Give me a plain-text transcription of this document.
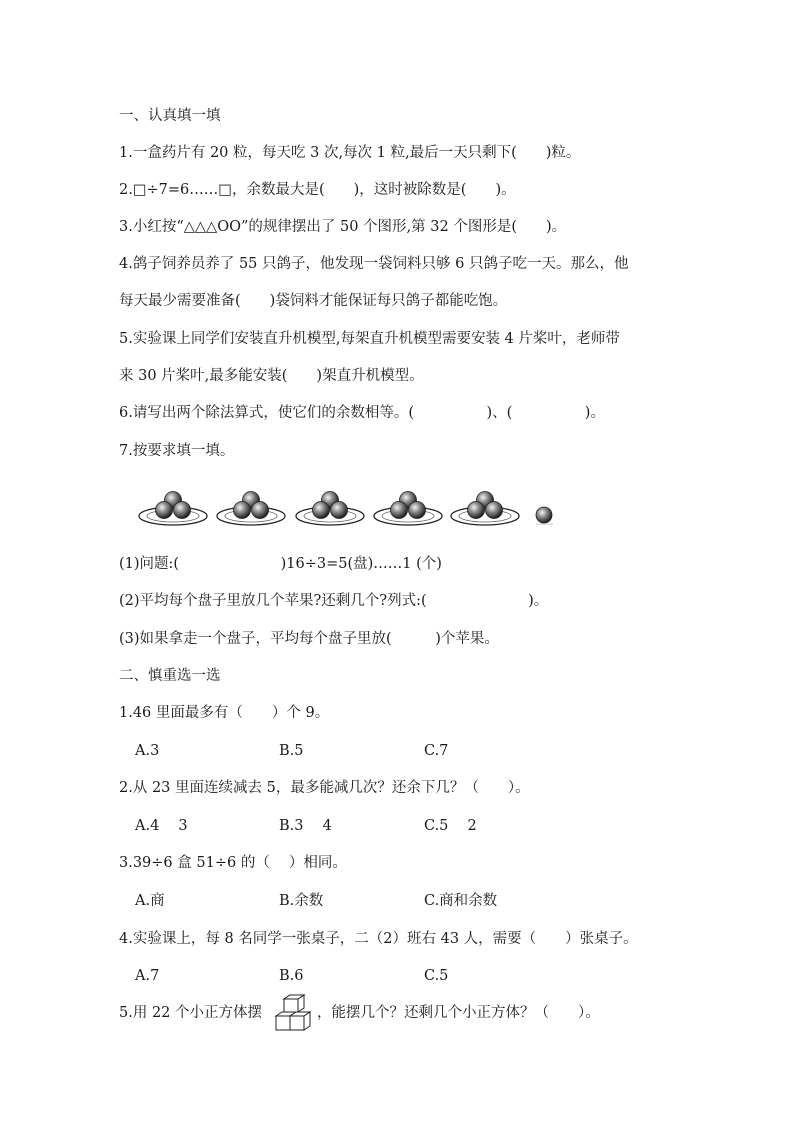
一、认真填一填
1.一盒药片有 20 粒，每天吃 3 次,每次 1 粒,最后一天只剩下(　　)粒。
2.□÷7=6……□，余数最大是(　　)，这时被除数是(　　)。
3.小红按“△△△OO”的规律摆出了 50 个图形,第 32 个图形是(　　)。
4.鸽子饲养员养了 55 只鸽子，他发现一袋饲料只够 6 只鸽子吃一天。那么，他
每天最少需要准备(　　)袋饲料才能保证每只鸽子都能吃饱。
5.实验课上同学们安装直升机模型,每架直升机模型需要安装 4 片桨叶，老师带
来 30 片桨叶,最多能安装(　　)架直升机模型。
6.请写出两个除法算式，使它们的余数相等。(　　　　　)、(　　　　　)。
7.按要求填一填。
(1)问题:(　　　　　　　)16÷3=5(盘)……1 (个)
(2)平均每个盘子里放几个苹果?还剩几个?列式:(　　　　　　　)。
(3)如果拿走一个盘子，平均每个盘子里放(　　　)个苹果。
二、慎重选一选
1.46 里面最多有（　　）个 9。
A.3	B.5	C.7
2.从 23 里面连续减去 5，最多能减几次？还余下几？（　　）。
A.4　 3	B.3　 4	C.5　 2
3.39÷6 盒 51÷6 的（　 ）相同。
A.商	B.余数	C.商和余数
4.实验课上，每 8 名同学一张桌子，二（2）班右 43 人，需要（　　）张桌子。
A.7	B.6	C.5
5.用 22 个小正方体摆	，能摆几个？还剩几个小正方体？（　　）。
